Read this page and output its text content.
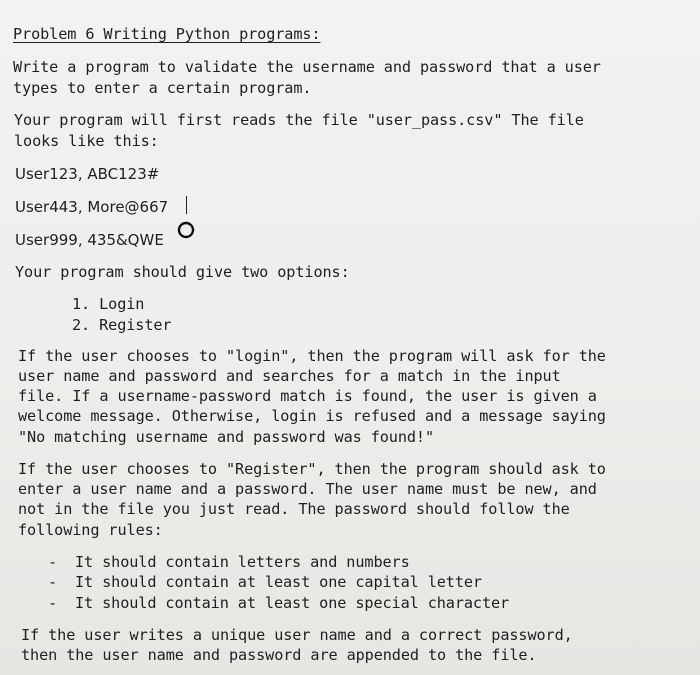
Problem 6 Writing Python programs:
Write a program to validate the username and password that a user
types to enter a certain program.
Your program will first reads the file "user_pass.csv" The file
looks like this:
User123, ABC123#
User443, More@667
User999, 435&QWE
Your program should give two options:
1. Login
2. Register
If the user chooses to "login", then the program will ask for the
user name and password and searches for a match in the input
file. If a username-password match is found, the user is given a
welcome message. Otherwise, login is refused and a message saying
"No matching username and password was found!"
If the user chooses to "Register", then the program should ask to
enter a user name and a password. The user name must be new, and
not in the file you just read. The password should follow the
following rules:
- It should contain letters and numbers
- It should contain at least one capital letter
- It should contain at least one special character
If the user writes a unique user name and a correct password,
then the user name and password are appended to the file.
